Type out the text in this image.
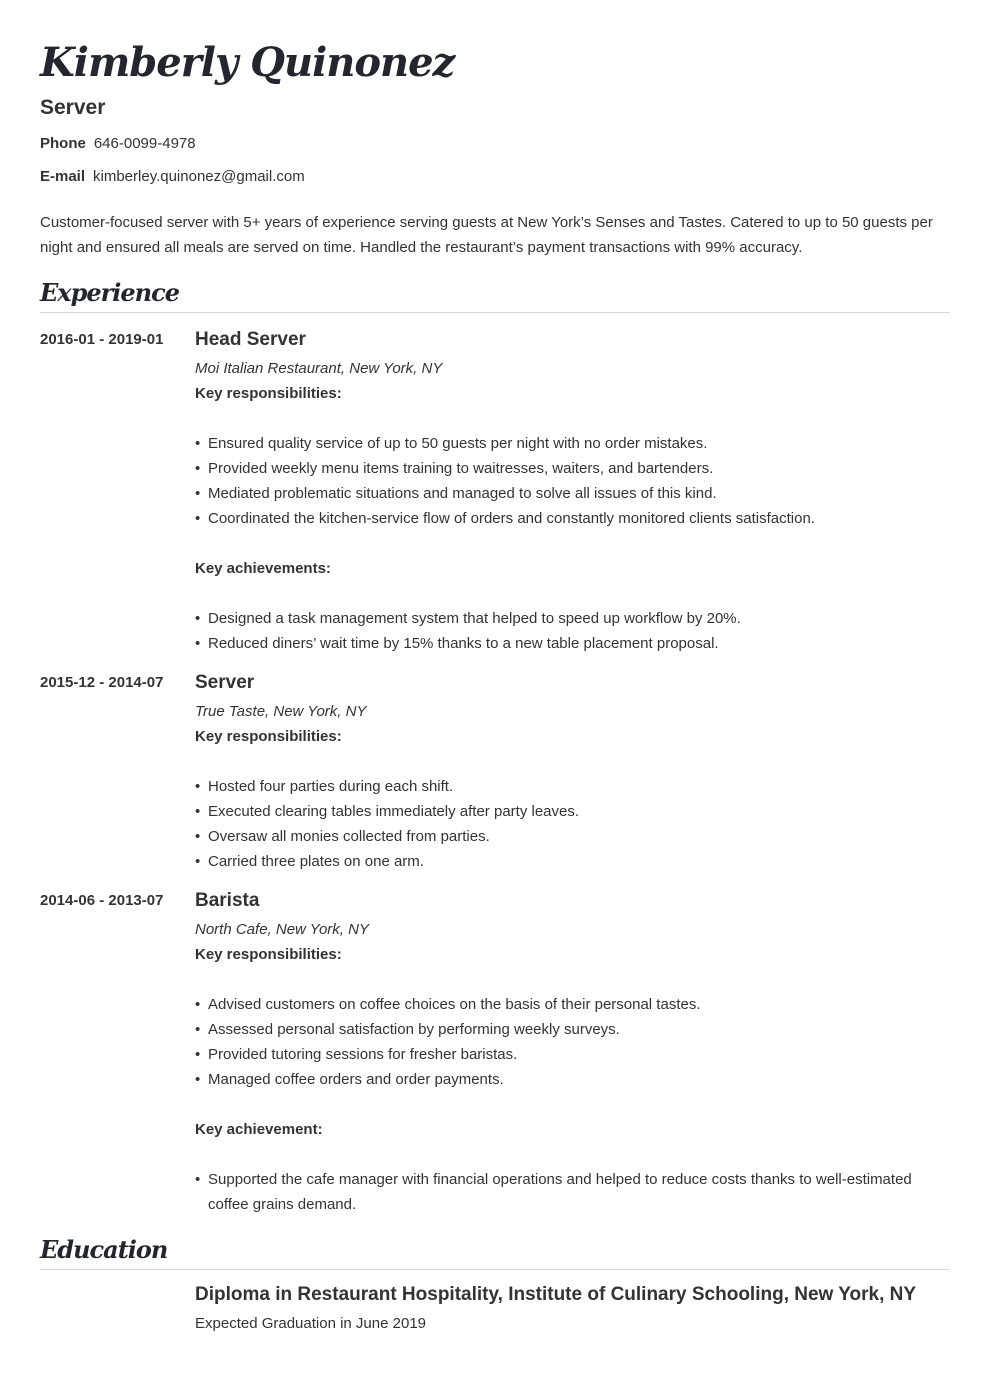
Kimberly Quinonez
Server
Phone 646-0099-4978
E-mail kimberley.quinonez@gmail.com
Customer-focused server with 5+ years of experience serving guests at New York’s Senses and Tastes. Catered to up to 50 guests per night and ensured all meals are served on time. Handled the restaurant’s payment transactions with 99% accuracy.
Experience
2016-01 - 2019-01	Head Server
Moi Italian Restaurant, New York, NY
Key responsibilities:
• Ensured quality service of up to 50 guests per night with no order mistakes.
• Provided weekly menu items training to waitresses, waiters, and bartenders.
• Mediated problematic situations and managed to solve all issues of this kind.
• Coordinated the kitchen-service flow of orders and constantly monitored clients satisfaction.
Key achievements:
• Designed a task management system that helped to speed up workflow by 20%.
• Reduced diners’ wait time by 15% thanks to a new table placement proposal.
2015-12 - 2014-07	Server
True Taste, New York, NY
Key responsibilities:
• Hosted four parties during each shift.
• Executed clearing tables immediately after party leaves.
• Oversaw all monies collected from parties.
• Carried three plates on one arm.
2014-06 - 2013-07	Barista
North Cafe, New York, NY
Key responsibilities:
• Advised customers on coffee choices on the basis of their personal tastes.
• Assessed personal satisfaction by performing weekly surveys.
• Provided tutoring sessions for fresher baristas.
• Managed coffee orders and order payments.
Key achievement:
• Supported the cafe manager with financial operations and helped to reduce costs thanks to well-estimated coffee grains demand.
Education
Diploma in Restaurant Hospitality, Institute of Culinary Schooling, New York, NY
Expected Graduation in June 2019
